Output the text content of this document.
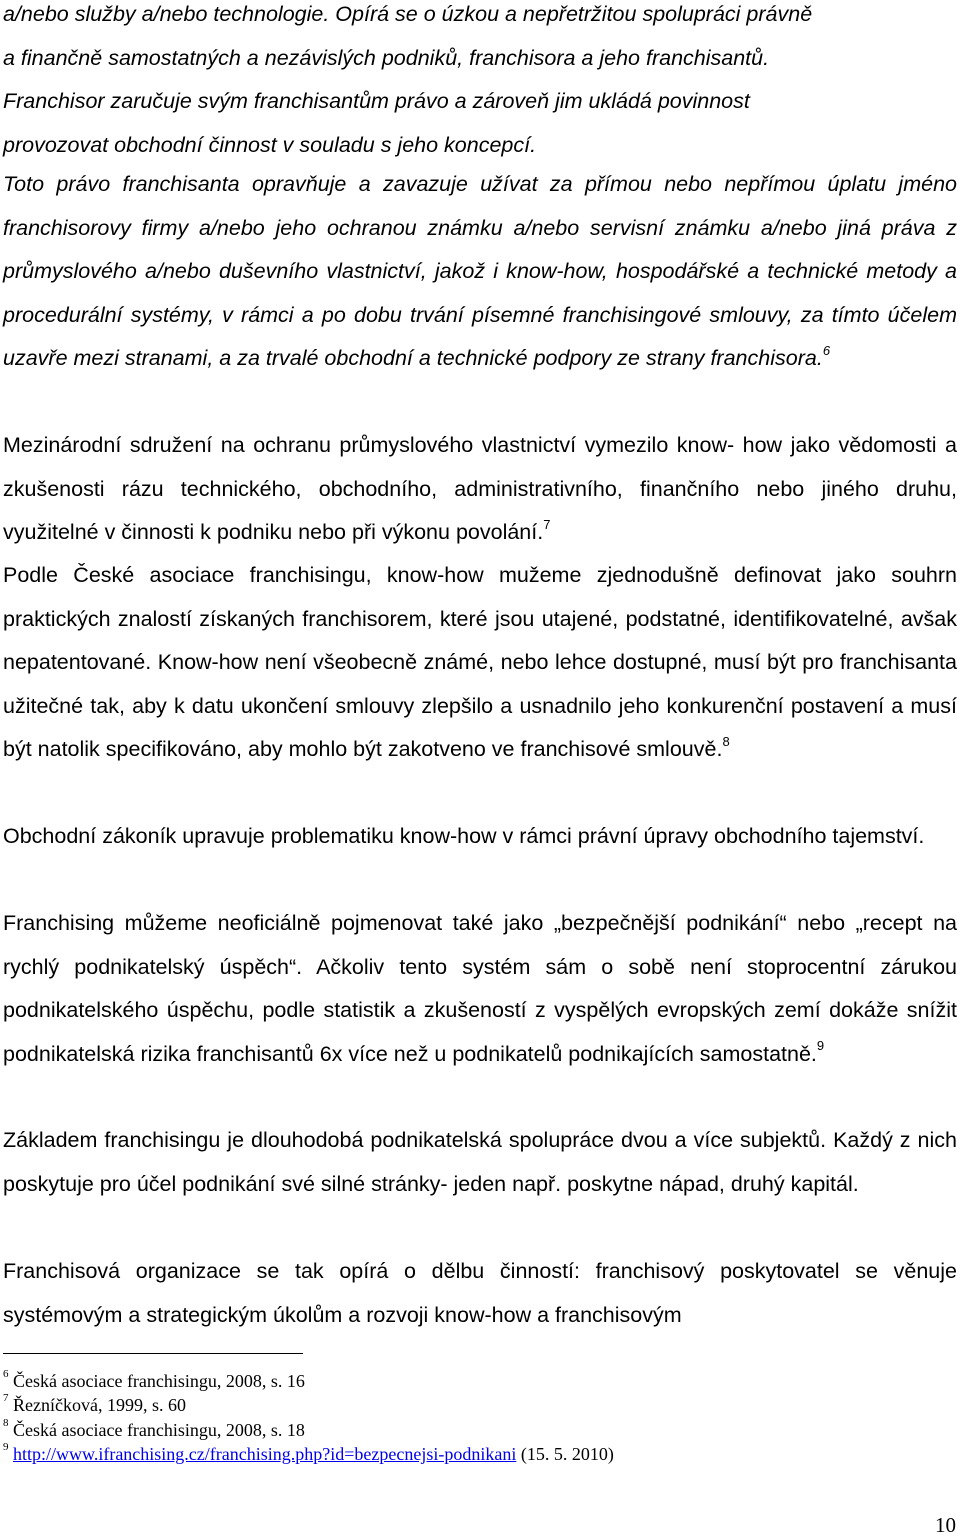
a/nebo služby a/nebo technologie. Opírá se o úzkou a nepřetržitou spolupráci právně
a finančně samostatných a nezávislých podniků, franchisora a jeho franchisantů.
Franchisor zaručuje svým franchisantům právo a zároveň jim ukládá povinnost
provozovat obchodní činnost v souladu s jeho koncepcí.

Toto právo franchisanta opravňuje a zavazuje užívat za přímou nebo nepřímou úplatu jméno franchisorovy firmy a/nebo jeho ochranou známku a/nebo servisní známku a/nebo jiná práva z průmyslového a/nebo duševního vlastnictví, jakož i know-how, hospodářské a technické metody a procedurální systémy, v rámci a po dobu trvání písemné franchisingové smlouvy, za tímto účelem uzavře mezi stranami, a za trvalé obchodní a technické podpory ze strany franchisora.$^6$

Mezinárodní sdružení na ochranu průmyslového vlastnictví vymezilo know- how jako vědomosti a zkušenosti rázu technického, obchodního, administrativního, finančního nebo jiného druhu, využitelné v činnosti k podniku nebo při výkonu povolání.$^7$

Podle České asociace franchisingu, know-how mužeme zjednodušně definovat jako souhrn praktických znalostí získaných franchisorem, které jsou utajené, podstatné, identifikovatelné, avšak nepatentované. Know-how není všeobecně známé, nebo lehce dostupné, musí být pro franchisanta užitečné tak, aby k datu ukončení smlouvy zlepšilo a usnadnilo jeho konkurenční postavení a musí být natolik specifikováno, aby mohlo být zakotveno ve franchisové smlouvě.$^8$

Obchodní zákoník upravuje problematiku know-how v rámci právní úpravy obchodního tajemství.

Franchising můžeme neoficiálně pojmenovat také jako „bezpečnější podnikání“ nebo „recept na rychlý podnikatelský úspěch“. Ačkoliv tento systém sám o sobě není stoprocentní zárukou podnikatelského úspěchu, podle statistik a zkušeností z vyspělých evropských zemí dokáže snížit podnikatelská rizika franchisantů 6x více než u podnikatelů podnikajících samostatně.$^9$

Základem franchisingu je dlouhodobá podnikatelská spolupráce dvou a více subjektů. Každý z nich poskytuje pro účel podnikání své silné stránky- jeden např. poskytne nápad, druhý kapitál.

Franchisová organizace se tak opírá o dělbu činností: franchisový poskytovatel se věnuje systémovým a strategickým úkolům a rozvoji know-how a franchisovým

$^6$ Česká asociace franchisingu, 2008, s. 16
$^7$ Řezníčková, 1999, s. 60
$^8$ Česká asociace franchisingu, 2008, s. 18
$^9$ http://www.ifranchising.cz/franchising.php?id=bezpecnejsi-podnikani (15. 5. 2010)
10
